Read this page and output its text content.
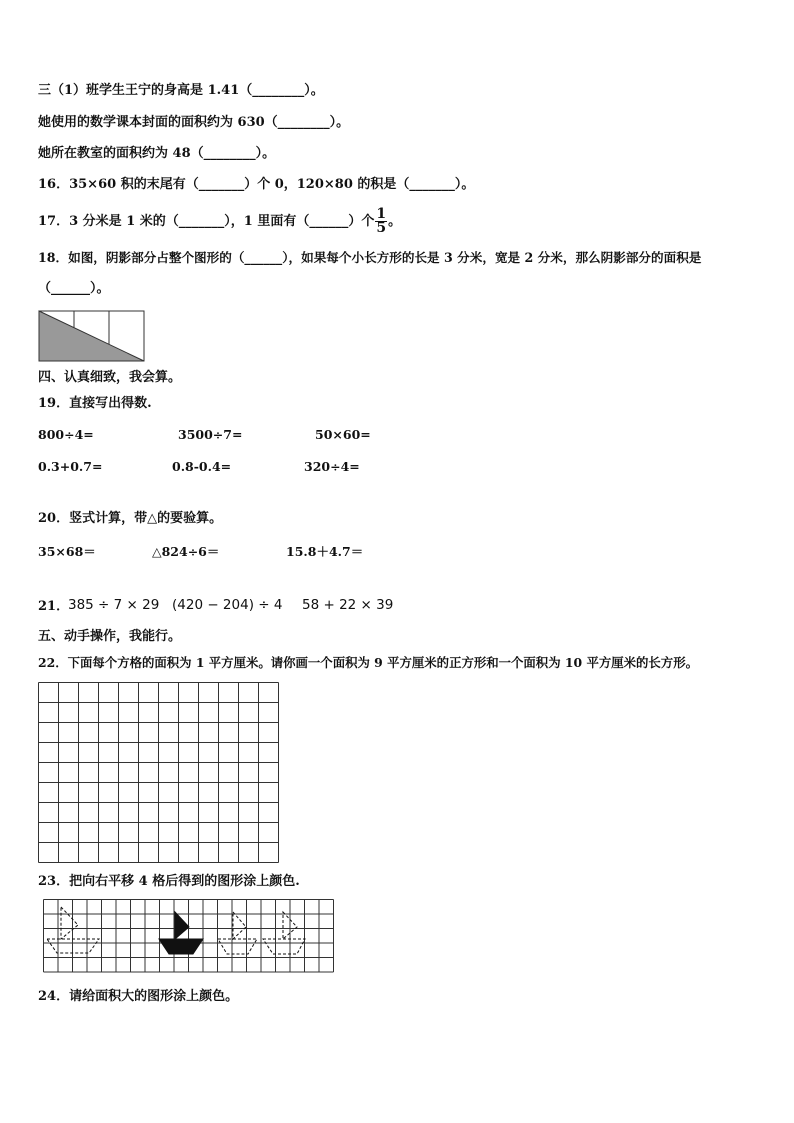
三（1）班学生王宁的身高是 1.41（________）。
她使用的数学课本封面的面积约为 630（________）。
她所在教室的面积约为 48（________）。
16．35×60 积的末尾有（_______）个 0，120×80 的积是（_______）。
17．3 分米是 1 米的（_______），1 里面有（______）个 $\frac{1}{5}$ 。
18．如图，阴影部分占整个图形的（______），如果每个小长方形的长是 3 分米，宽是 2 分米，那么阴影部分的面积是
（______）。
四、认真细致，我会算。
19．直接写出得数.
800÷4=	3500÷7=	50×60=
0.3+0.7=	0.8-0.4=	320÷4=
20．竖式计算，带△的要验算。
35×68＝	△824÷6＝	15.8＋4.7＝
21．
385 ÷ 7 × 29 (420 − 204) ÷ 4 58 + 22 × 39
五、动手操作，我能行。
22．下面每个方格的面积为 1 平方厘米。请你画一个面积为 9 平方厘米的正方形和一个面积为 10 平方厘米的长方形。
23．把向右平移 4 格后得到的图形涂上颜色.
24．请给面积大的图形涂上颜色。
